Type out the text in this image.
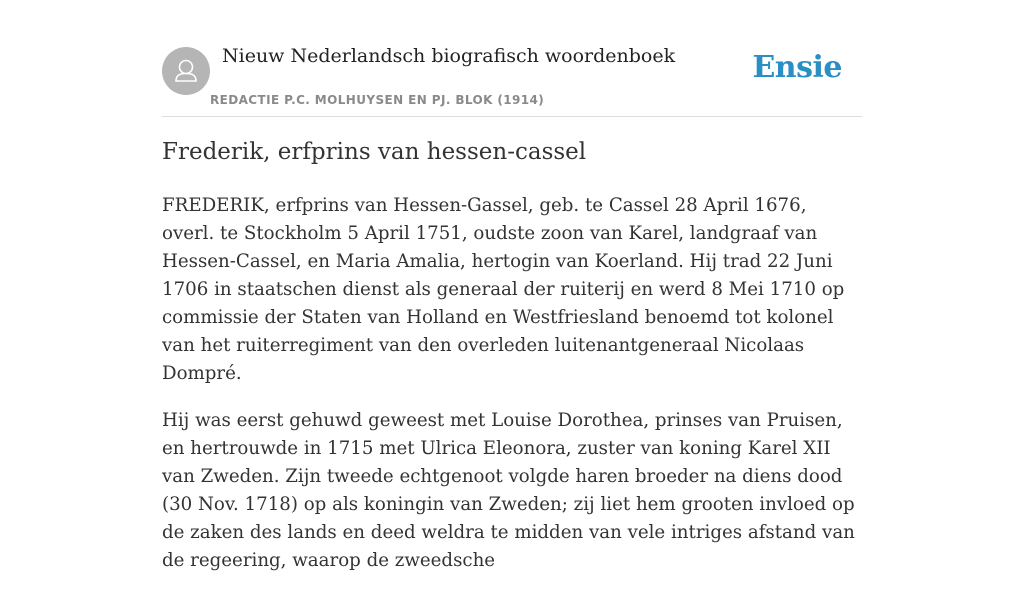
Nieuw Nederlandsch biografisch woordenboek
REDACTIE P.C. MOLHUYSEN EN PJ. BLOK (1914)
Ensie
Frederik, erfprins van hessen-cassel

FREDERIK, erfprins van Hessen-Gassel, geb. te Cassel 28 April 1676, overl. te Stockholm 5 April 1751, oudste zoon van Karel, landgraaf van Hessen-Cassel, en Maria Amalia, hertogin van Koerland. Hij trad 22 Juni 1706 in staatschen dienst als generaal der ruiterij en werd 8 Mei 1710 op commissie der Staten van Holland en Westfriesland benoemd tot kolonel van het ruiterregiment van den overleden luitenantgeneraal Nicolaas Dompré.

Hij was eerst gehuwd geweest met Louise Dorothea, prinses van Pruisen, en hertrouwde in 1715 met Ulrica Eleonora, zuster van koning Karel XII van Zweden. Zijn tweede echtgenoot volgde haren broeder na diens dood (30 Nov. 1718) op als koningin van Zweden; zij liet hem grooten invloed op de zaken des lands en deed weldra te midden van vele intriges afstand van de regeering, waarop de zweedsche
